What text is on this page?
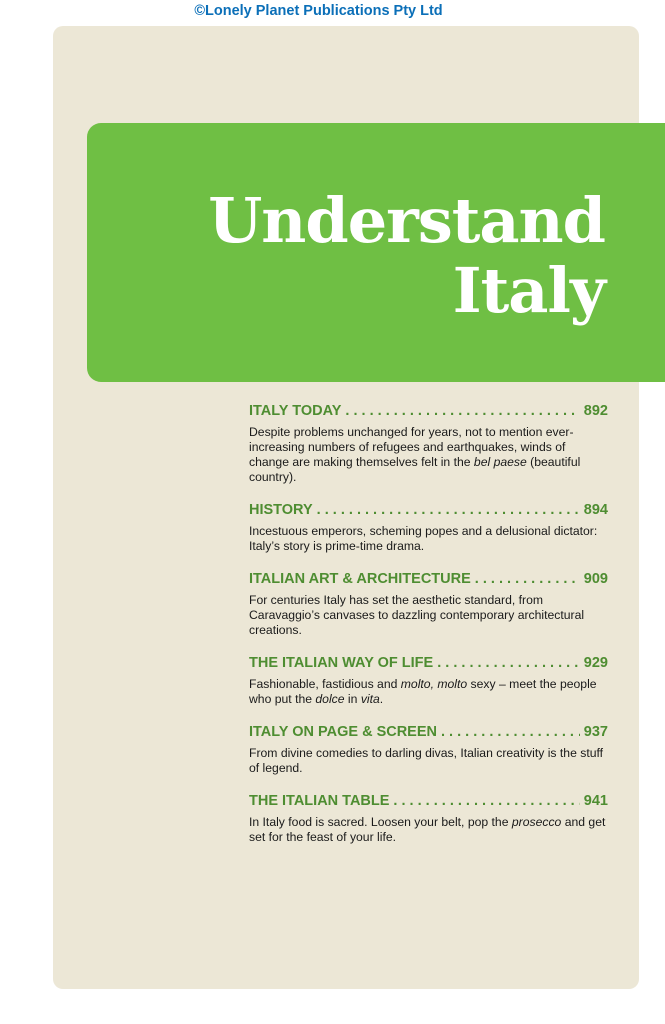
©Lonely Planet Publications Pty Ltd
Understand
Italy
ITALY TODAY . . .	892
Despite problems unchanged for years, not to mention ever-increasing numbers of refugees and earthquakes, winds of change are making themselves felt in the bel paese (beautiful country).
HISTORY . . .	894
Incestuous emperors, scheming popes and a delusional dictator: Italy’s story is prime-time drama.
ITALIAN ART & ARCHITECTURE . . .	909
For centuries Italy has set the aesthetic standard, from Caravaggio’s canvases to dazzling contemporary architectural creations.
THE ITALIAN WAY OF LIFE . . .	929
Fashionable, fastidious and molto, molto sexy – meet the people who put the dolce in vita.
ITALY ON PAGE & SCREEN . . .	937
From divine comedies to darling divas, Italian creativity is the stuff of legend.
THE ITALIAN TABLE . . .	941
In Italy food is sacred. Loosen your belt, pop the prosecco and get set for the feast of your life.
